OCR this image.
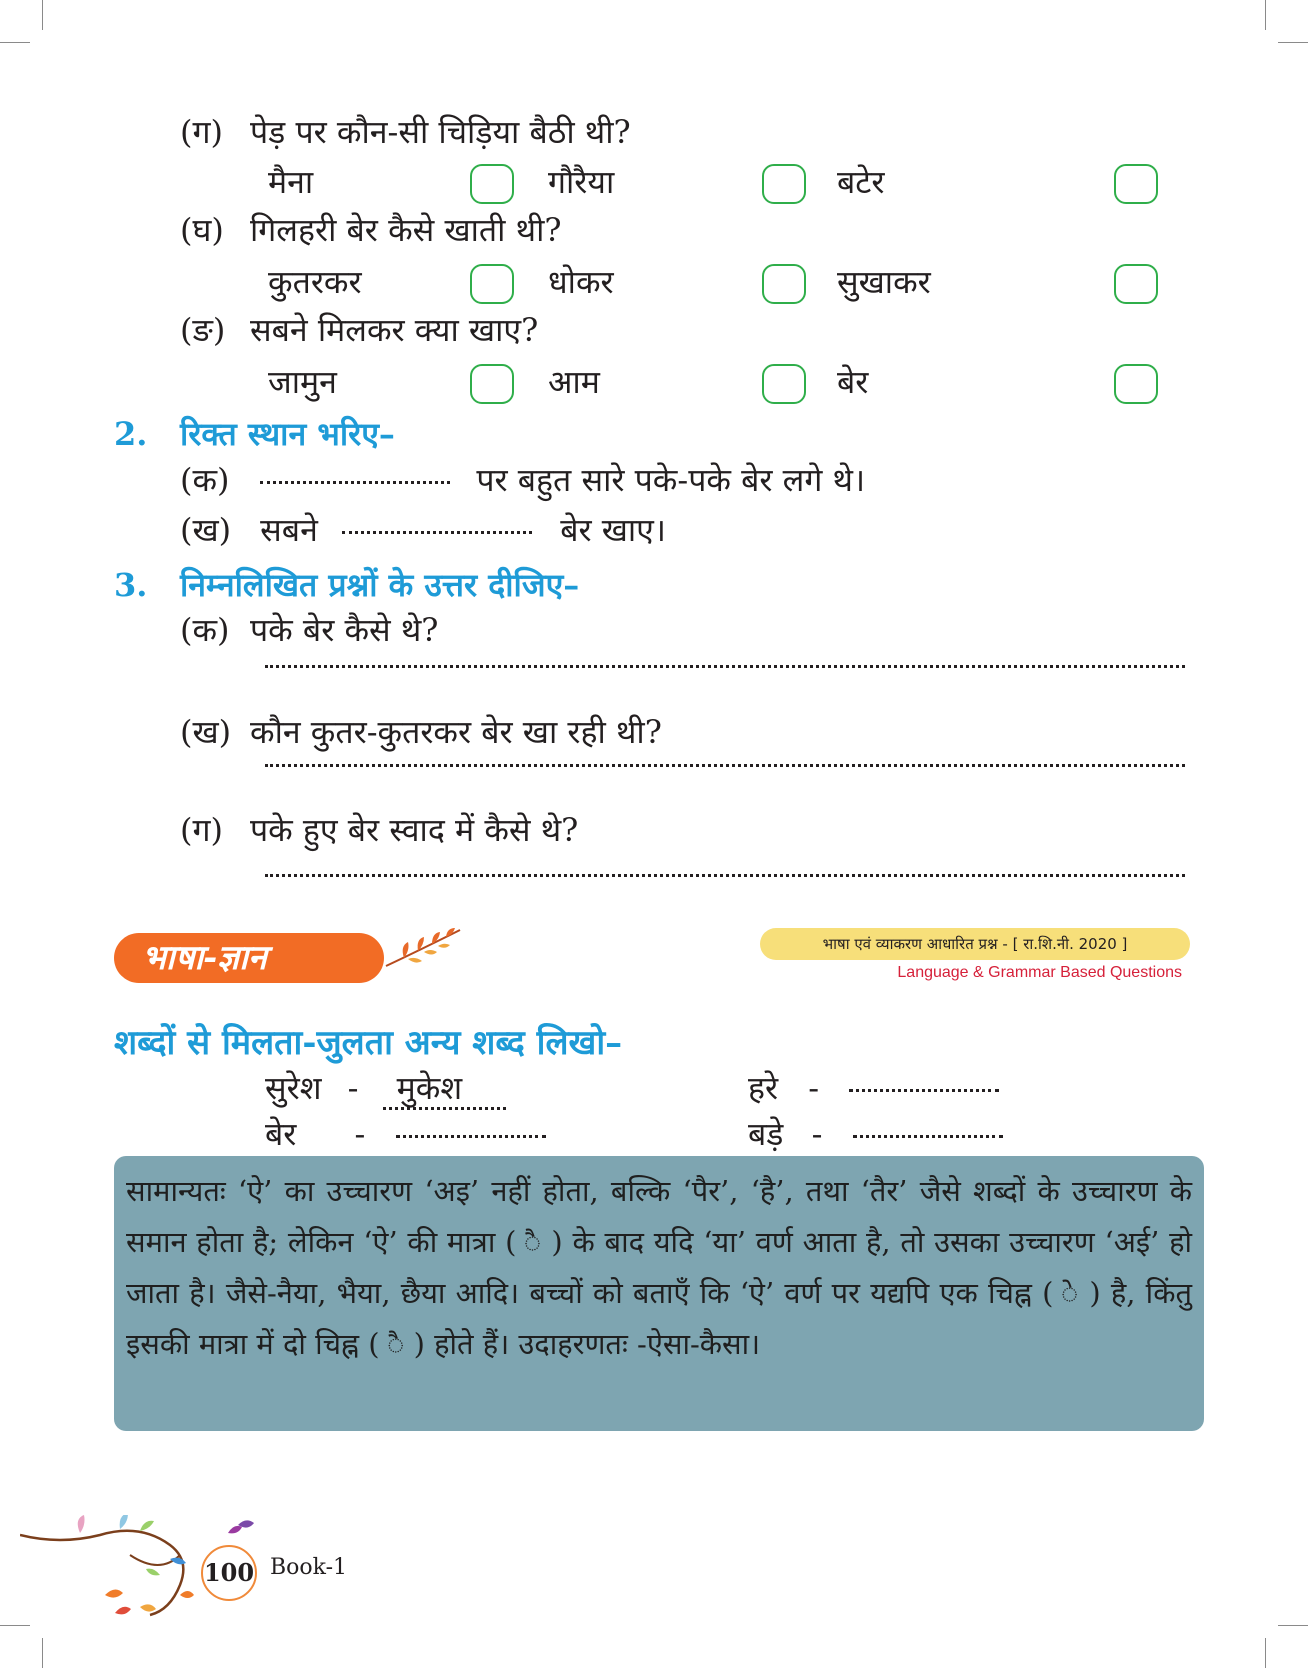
(ग) पेड़ पर कौन-सी चिड़िया बैठी थी?
मैना	गौरैया	बटेर
(घ) गिलहरी बेर कैसे खाती थी?
कुतरकर	धोकर	सुखाकर
(ङ) सबने मिलकर क्या खाए?
जामुन	आम	बेर
2. रिक्त स्थान भरिए–
(क)	पर बहुत सारे पके-पके बेर लगे थे।
(ख) सबने	बेर खाए।
3. निम्नलिखित प्रश्नों के उत्तर दीजिए–
(क) पके बेर कैसे थे?
(ख) कौन कुतर-कुतरकर बेर खा रही थी?
(ग) पके हुए बेर स्वाद में कैसे थे?
भाषा-ज्ञान	भाषा एवं व्याकरण आधारित प्रश्न - [ रा.शि.नी. 2020 ]
Language & Grammar Based Questions
शब्दों से मिलता-जुलता अन्य शब्द लिखो–
सुरेश - मुकेश	हरे -
बेर -	बड़े -
सामान्यतः ‘ऐ’ का उच्चारण ‘अइ’ नहीं होता, बल्कि ‘पैर’, ‘है’, तथा ‘तैर’ जैसे शब्दों के उच्चारण के समान होता है; लेकिन ‘ऐ’ की मात्रा ( ै ) के बाद यदि ‘या’ वर्ण आता है, तो उसका उच्चारण ‘अई’ हो जाता है। जैसे-नैया, भैया, छैया आदि। बच्चों को बताएँ कि ‘ऐ’ वर्ण पर यद्यपि एक चिह्न ( े ) है, किंतु इसकी मात्रा में दो चिह्न ( ै ) होते हैं। उदाहरणतः -ऐसा-कैसा।
100 Book-1
